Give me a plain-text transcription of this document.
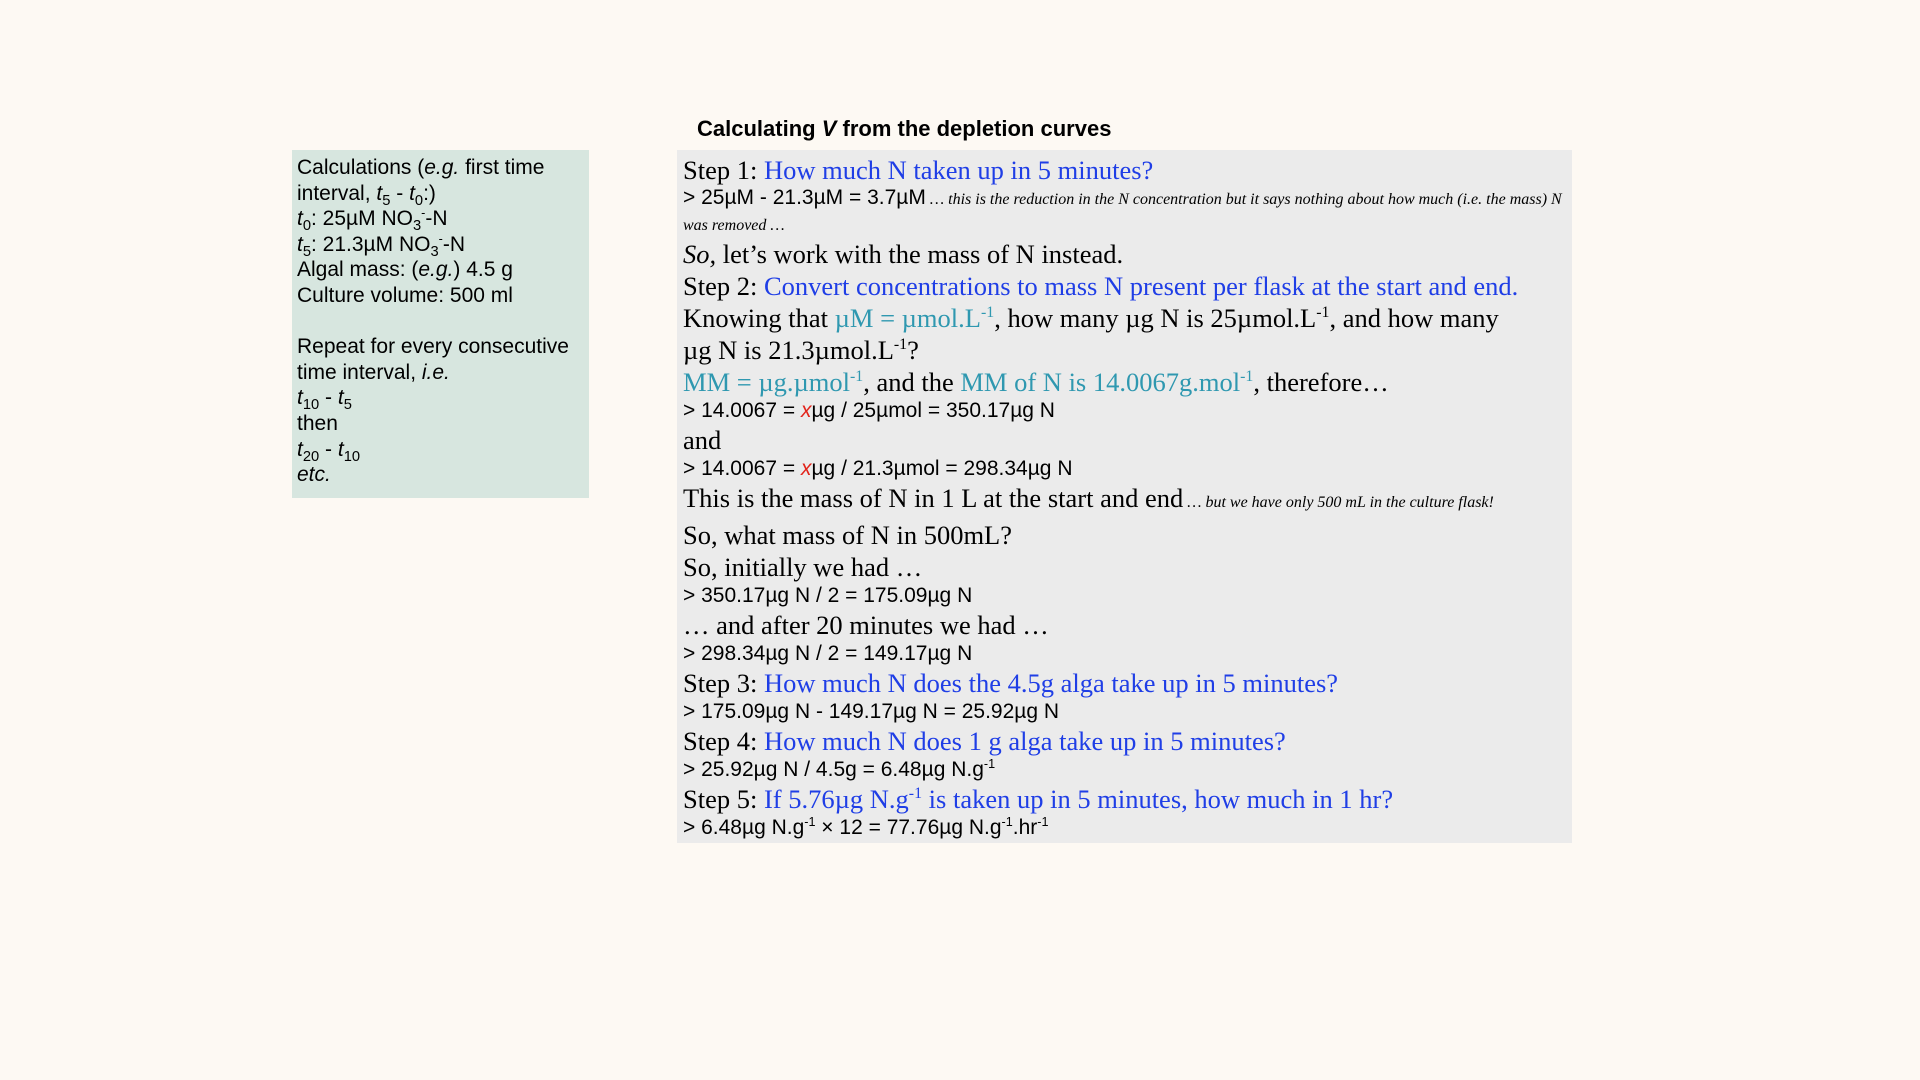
Calculating V from the depletion curves
Calculations (e.g. first time
interval, $t_5$ - $t_0$:)
$t_0$: 25µM $NO_3^--N$
$t_5$: 21.3µM $NO_3^--N$
Algal mass: (e.g.) 4.5 g
Culture volume: 500 ml
Repeat for every consecutive
time interval, i.e.
$t_{10} - t_5$
then
$t_{20} - t_{10}$
etc.
Step 1: How much N taken up in 5 minutes?
> 25µM - 21.3µM = 3.7µM … this is the reduction in the N concentration but it says nothing about how much (i.e. the mass) N was removed …
So, let’s work with the mass of N instead.
Step 2: Convert concentrations to mass N present per flask at the start and end.
Knowing that $\mu M = \mu mol.L^{-1}$, how many µg N is $25\mu mol.L^{-1}$, and how many
µg N is $21.3\mu mol.L^{-1}$?
MM = µg.µmol$^{-1}$, and the MM of N is 14.0067g.mol$^{-1}$, therefore…
> 14.0067 = xµg / 25µmol = 350.17µg N
and
> 14.0067 = xµg / 21.3µmol = 298.34µg N
This is the mass of N in 1 L at the start and end … but we have only 500 mL in the culture flask!
So, what mass of N in 500mL?
So, initially we had …
> 350.17µg N / 2 = 175.09µg N
… and after 20 minutes we had …
> 298.34µg N / 2 = 149.17µg N
Step 3: How much N does the 4.5g alga take up in 5 minutes?
> 175.09µg N - 149.17µg N = 25.92µg N
Step 4: How much N does 1 g alga take up in 5 minutes?
> 25.92µg N / 4.5g = 6.48µg $N.g^{-1}$
Step 5: If 5.76µg $N.g^{-1}$ is taken up in 5 minutes, how much in 1 hr?
> 6.48µg $N.g^{-1} \times 12 = 77.76\mu g$ $N.g^{-1}.hr^{-1}$
